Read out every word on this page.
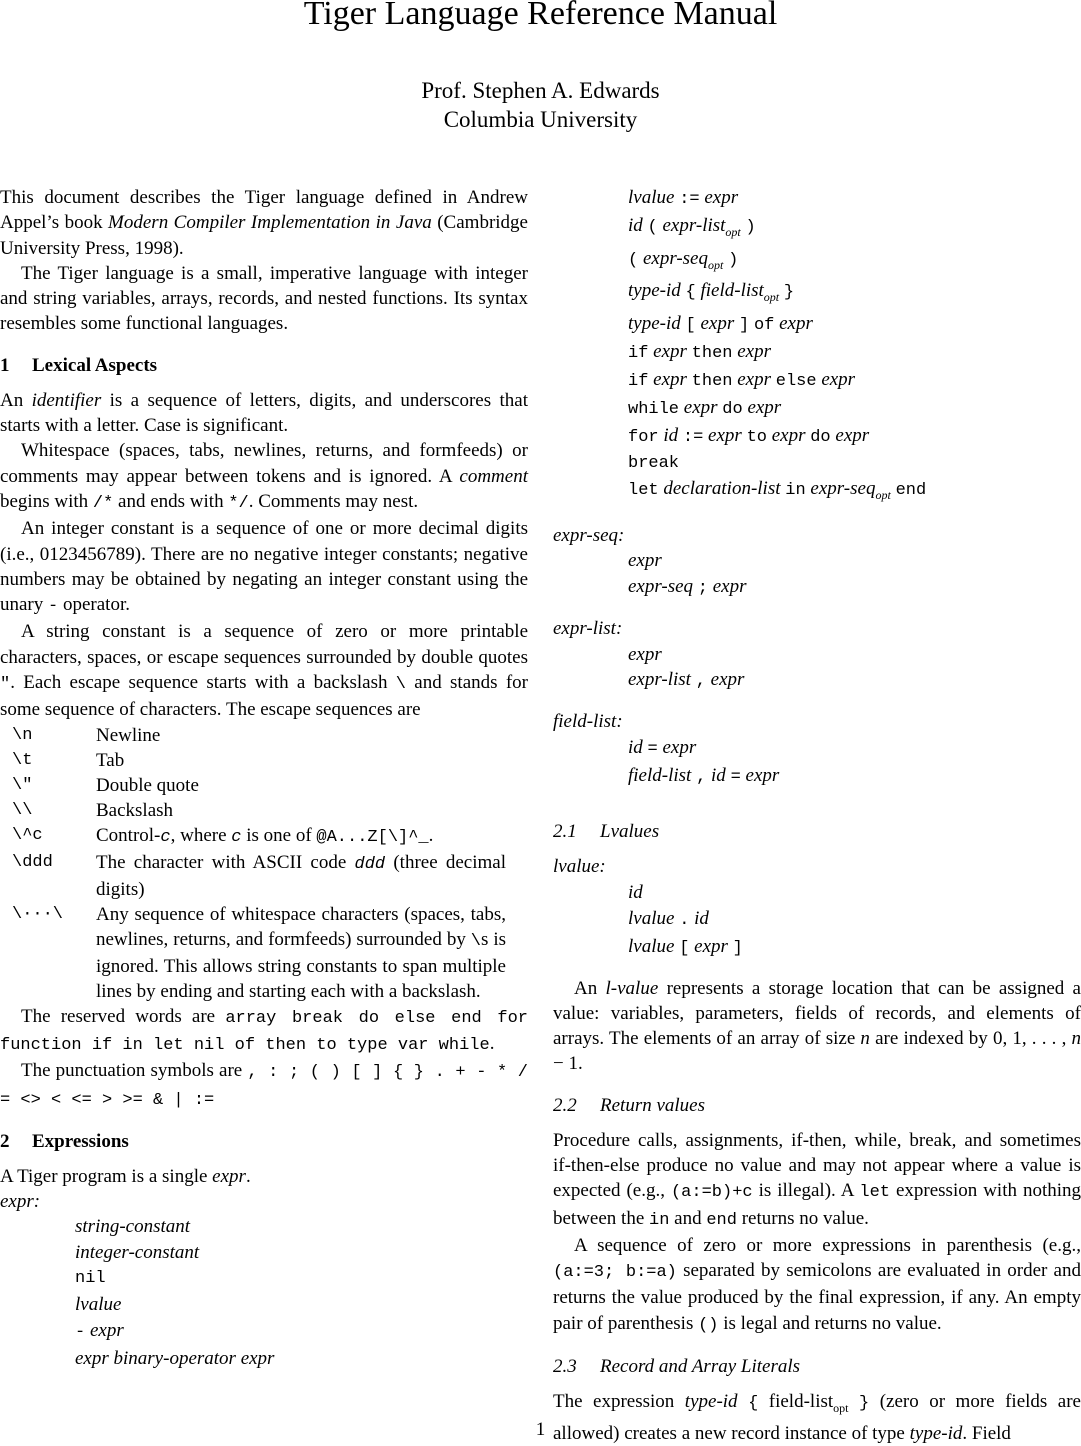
Tiger Language Reference Manual
Prof. Stephen A. Edwards
Columbia University

This document describes the Tiger language defined in Andrew Appel’s book Modern Compiler Implementation in Java (Cambridge University Press, 1998).

The Tiger language is a small, imperative language with integer and string variables, arrays, records, and nested functions. Its syntax resembles some functional languages.

1 Lexical Aspects

An identifier is a sequence of letters, digits, and underscores that starts with a letter. Case is significant.

Whitespace (spaces, tabs, newlines, returns, and formfeeds) or comments may appear between tokens and is ignored. A comment begins with /* and ends with */. Comments may nest.

An integer constant is a sequence of one or more decimal digits (i.e., 0123456789). There are no negative integer constants; negative numbers may be obtained by negating an integer constant using the unary - operator.

A string constant is a sequence of zero or more printable characters, spaces, or escape sequences surrounded by double quotes ". Each escape sequence starts with a backslash \ and stands for some sequence of characters. The escape sequences are

\n	Newline
\t	Tab
\"	Double quote
\\	Backslash
\^c	Control-c, where c is one of @A...Z[\]^_.
\ddd	The character with ASCII code ddd (three decimal digits)
\···\	Any sequence of whitespace characters (spaces, tabs, newlines, returns, and formfeeds) surrounded by \s is ignored. This allows string constants to span multiple lines by ending and starting each with a backslash.

The reserved words are array break do else end for function if in let nil of then to type var while.

The punctuation symbols are , : ; ( ) [ ] { } . + - * / = <> < <= > >= & | :=

2 Expressions

A Tiger program is a single expr.

expr:
string-constant
integer-constant
nil
lvalue
- expr
expr binary-operator expr
lvalue := expr
id ( expr-list$_{opt}$ )
( expr-seq$_{opt}$ )
type-id { field-list$_{opt}$ }
type-id [ expr ] of expr
if expr then expr
if expr then expr else expr
while expr do expr
for id := expr to expr do expr
break
let declaration-list in expr-seq$_{opt}$ end
expr-seq:
expr
expr-seq ; expr
expr-list:
expr
expr-list , expr
field-list:
id = expr
field-list , id = expr
2.1 Lvalues
lvalue:
id
lvalue . id
lvalue [ expr ]

An l-value represents a storage location that can be assigned a value: variables, parameters, fields of records, and elements of arrays. The elements of an array of size n are indexed by 0, 1, . . . , n − 1.

2.2 Return values

Procedure calls, assignments, if-then, while, break, and sometimes if-then-else produce no value and may not appear where a value is expected (e.g., (a:=b)+c is illegal). A let expression with nothing between the in and end returns no value.

A sequence of zero or more expressions in parenthesis (e.g., (a:=3; b:=a) separated by semicolons are evaluated in order and returns the value produced by the final expression, if any. An empty pair of parenthesis () is legal and returns no value.

2.3 Record and Array Literals

The expression type-id { field-list$_{opt}$ } (zero or more fields are allowed) creates a new record instance of type type-id. Field

1
